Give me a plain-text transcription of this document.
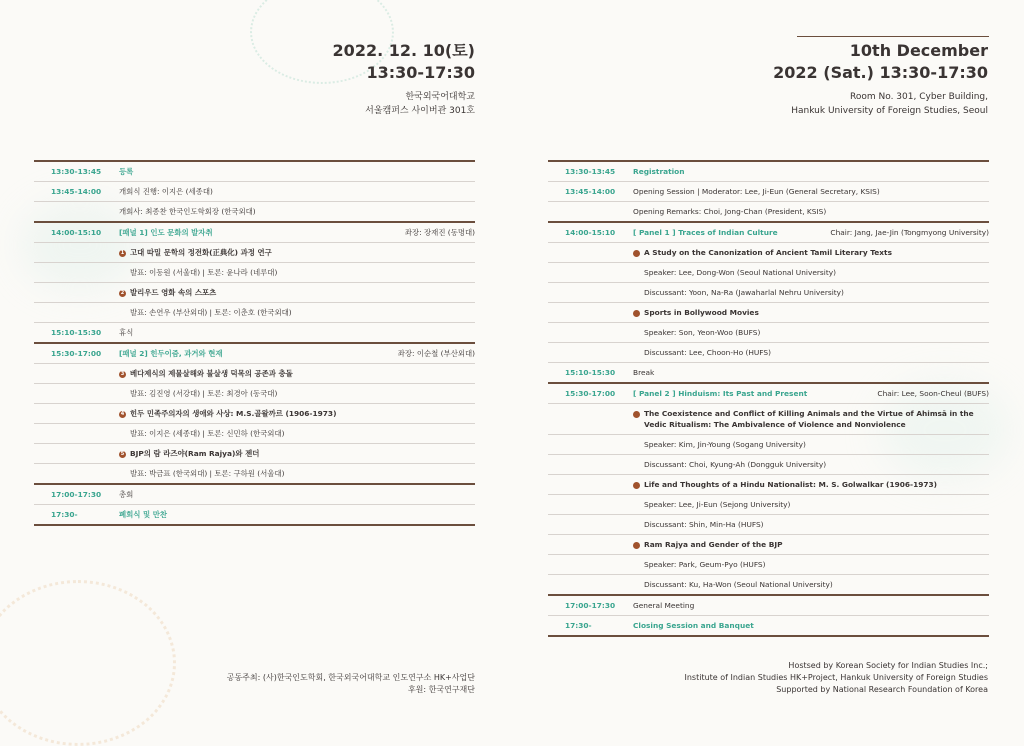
2022. 12. 10(토)
13:30-17:30
한국외국어대학교
서울캠퍼스 사이버관 301호
10th December
2022 (Sat.) 13:30-17:30
Room No. 301, Cyber Building,
Hankuk University of Foreign Studies, Seoul
13:30-13:45 등록
13:45-14:00 개회식 진행: 이지은 (세종대)
개회사: 최종찬 한국인도학회장 (한국외대)
14:00-15:10 [패널 1] 인도 문화의 발자취	좌장: 장재진 (동명대)
1 고대 따밀 문학의 정전화(正典化) 과정 연구
발표: 이동원 (서울대) | 토론: 윤나라 (네루대)
2 발리우드 영화 속의 스포츠
발표: 손연우 (부산외대) | 토론: 이춘호 (한국외대)
15:10-15:30 휴식
15:30-17:00 [패널 2] 힌두이즘, 과거와 현재	좌장: 이순철 (부산외대)
3 베다제식의 제물살해와 불살생 덕목의 공존과 충돌
발표: 김진영 (서강대) | 토론: 최경아 (동국대)
4 힌두 민족주의자의 생애와 사상: M.S.골왈까르 (1906-1973)
발표: 이지은 (세종대) | 토론: 신민하 (한국외대)
5 BJP의 람 라즈야(Ram Rajya)와 젠더
발표: 박금표 (한국외대) | 토론: 구하원 (서울대)
17:00-17:30 총회
17:30-	폐회식 및 만찬
13:30-13:45 Registration
13:45-14:00 Opening Session | Moderator: Lee, Ji-Eun (General Secretary, KSIS)
Opening Remarks: Choi, Jong-Chan (President, KSIS)
14:00-15:10 [ Panel 1 ] Traces of Indian Culture	Chair: Jang, Jae-Jin (Tongmyong University)
A Study on the Canonization of Ancient Tamil Literary Texts
Speaker: Lee, Dong-Won (Seoul National University)
Discussant: Yoon, Na-Ra (Jawaharlal Nehru University)
Sports in Bollywood Movies
Speaker: Son, Yeon-Woo (BUFS)
Discussant: Lee, Choon-Ho (HUFS)
15:10-15:30 Break
15:30-17:00 [ Panel 2 ] Hinduism: Its Past and Present	Chair: Lee, Soon-Cheul (BUFS)
The Coexistence and Conflict of Killing Animals and the Virtue of Ahimsā in the
Vedic Ritualism: The Ambivalence of Violence and Nonviolence
Speaker: Kim, Jin-Young (Sogang University)
Discussant: Choi, Kyung-Ah (Dongguk University)
Life and Thoughts of a Hindu Nationalist: M. S. Golwalkar (1906-1973)
Speaker: Lee, Ji-Eun (Sejong University)
Discussant: Shin, Min-Ha (HUFS)
Ram Rajya and Gender of the BJP
Speaker: Park, Geum-Pyo (HUFS)
Discussant: Ku, Ha-Won (Seoul National University)
17:00-17:30 General Meeting
17:30-	Closing Session and Banquet
공동주최: (사)한국인도학회, 한국외국어대학교 인도연구소 HK+사업단
후원: 한국연구재단
Hostsed by Korean Society for Indian Studies Inc.;
Institute of Indian Studies HK+Project, Hankuk University of Foreign Studies
Supported by National Research Foundation of Korea
